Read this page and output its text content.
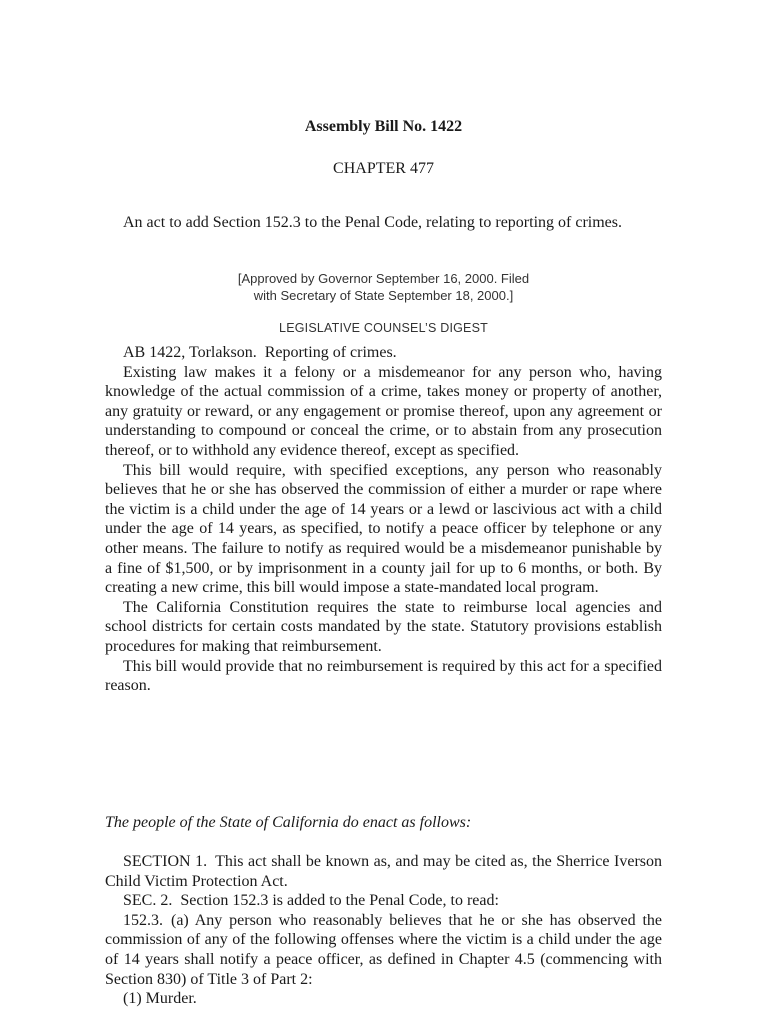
Assembly Bill No. 1422

CHAPTER 477

An act to add Section 152.3 to the Penal Code, relating to reporting of crimes.

[Approved by Governor September 16, 2000. Filed
with Secretary of State September 18, 2000.]

LEGISLATIVE COUNSEL’S DIGEST

AB 1422, Torlakson. Reporting of crimes.
Existing law makes it a felony or a misdemeanor for any person who, having knowledge of the actual commission of a crime, takes money or property of another, any gratuity or reward, or any engagement or promise thereof, upon any agreement or understanding to compound or conceal the crime, or to abstain from any prosecution thereof, or to withhold any evidence thereof, except as specified.
This bill would require, with specified exceptions, any person who reasonably believes that he or she has observed the commission of either a murder or rape where the victim is a child under the age of 14 years or a lewd or lascivious act with a child under the age of 14 years, as specified, to notify a peace officer by telephone or any other means. The failure to notify as required would be a misdemeanor punishable by a fine of $1,500, or by imprisonment in a county jail for up to 6 months, or both. By creating a new crime, this bill would impose a state-mandated local program.
The California Constitution requires the state to reimburse local agencies and school districts for certain costs mandated by the state. Statutory provisions establish procedures for making that reimbursement.
This bill would provide that no reimbursement is required by this act for a specified reason.

The people of the State of California do enact as follows:

SECTION 1. This act shall be known as, and may be cited as, the Sherrice Iverson Child Victim Protection Act.
SEC. 2. Section 152.3 is added to the Penal Code, to read:
152.3. (a) Any person who reasonably believes that he or she has observed the commission of any of the following offenses where the victim is a child under the age of 14 years shall notify a peace officer, as defined in Chapter 4.5 (commencing with Section 830) of Title 3 of Part 2:
(1) Murder.
